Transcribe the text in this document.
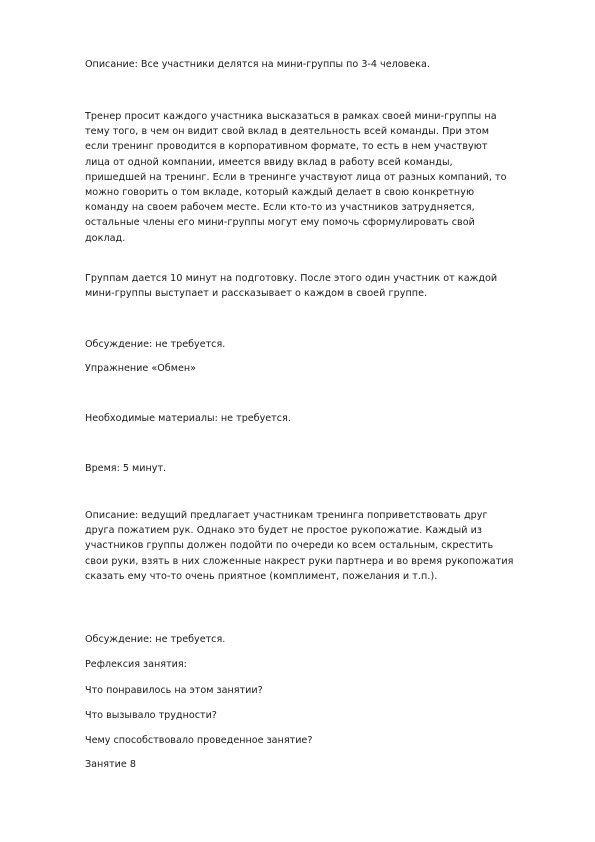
Описание: Все участники делятся на мини-группы по 3-4 человека.

Тренер просит каждого участника высказаться в рамках своей мини-группы на тему того, в чем он видит свой вклад в деятельность всей команды. При этом если тренинг проводится в корпоративном формате, то есть в нем участвуют лица от одной компании, имеется ввиду вклад в работу всей команды, пришедшей на тренинг. Если в тренинге участвуют лица от разных компаний, то можно говорить о том вкладе, который каждый делает в свою конкретную команду на своем рабочем месте. Если кто-то из участников затрудняется, остальные члены его мини-группы могут ему помочь сформулировать свой доклад.

Группам дается 10 минут на подготовку. После этого один участник от каждой мини-группы выступает и рассказывает о каждом в своей группе.

Обсуждение: не требуется.

Упражнение «Обмен»

Необходимые материалы: не требуется.

Время: 5 минут.

Описание: ведущий предлагает участникам тренинга поприветствовать друг друга пожатием рук. Однако это будет не простое рукопожатие. Каждый из участников группы должен подойти по очереди ко всем остальным, скрестить свои руки, взять в них сложенные накрест руки партнера и во время рукопожатия сказать ему что-то очень приятное (комплимент, пожелания и т.п.).

Обсуждение: не требуется.

Рефлексия занятия:

Что понравилось на этом занятии?

Что вызывало трудности?

Чему способствовало проведенное занятие?

Занятие 8
